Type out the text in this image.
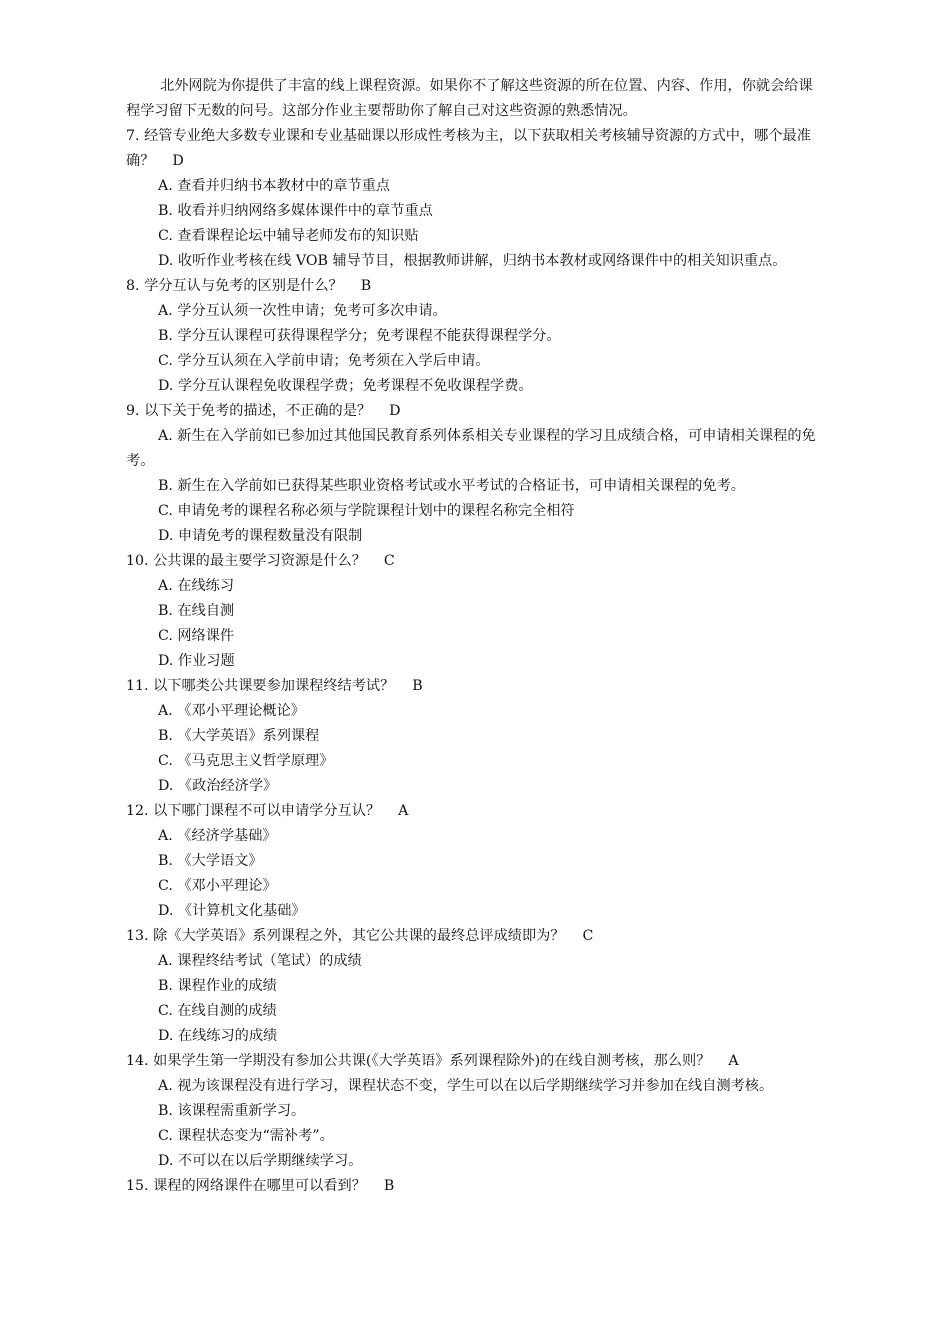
北外网院为你提供了丰富的线上课程资源。如果你不了解这些资源的所在位置、内容、作用，你就会给课程学习留下无数的问号。这部分作业主要帮助你了解自己对这些资源的熟悉情况。

7. 经管专业绝大多数专业课和专业基础课以形成性考核为主，以下获取相关考核辅导资源的方式中，哪个最准确？ D

A. 查看并归纳书本教材中的章节重点

B. 收看并归纳网络多媒体课件中的章节重点

C. 查看课程论坛中辅导老师发布的知识贴

D. 收听作业考核在线 VOB 辅导节目，根据教师讲解，归纳书本教材或网络课件中的相关知识重点。

8. 学分互认与免考的区别是什么？ B

A. 学分互认须一次性申请；免考可多次申请。

B. 学分互认课程可获得课程学分；免考课程不能获得课程学分。

C. 学分互认须在入学前申请；免考须在入学后申请。

D. 学分互认课程免收课程学费；免考课程不免收课程学费。

9. 以下关于免考的描述，不正确的是？ D

A. 新生在入学前如已参加过其他国民教育系列体系相关专业课程的学习且成绩合格，可申请相关课程的免考。

B. 新生在入学前如已获得某些职业资格考试或水平考试的合格证书，可申请相关课程的免考。

C. 申请免考的课程名称必须与学院课程计划中的课程名称完全相符

D. 申请免考的课程数量没有限制

10. 公共课的最主要学习资源是什么？ C

A. 在线练习

B. 在线自测

C. 网络课件

D. 作业习题

11. 以下哪类公共课要参加课程终结考试？ B

A. 《邓小平理论概论》

B. 《大学英语》系列课程

C. 《马克思主义哲学原理》

D. 《政治经济学》

12. 以下哪门课程不可以申请学分互认？ A

A. 《经济学基础》

B. 《大学语文》

C. 《邓小平理论》

D. 《计算机文化基础》

13. 除《大学英语》系列课程之外，其它公共课的最终总评成绩即为？ C

A. 课程终结考试（笔试）的成绩

B. 课程作业的成绩

C. 在线自测的成绩

D. 在线练习的成绩

14. 如果学生第一学期没有参加公共课(《大学英语》系列课程除外)的在线自测考核，那么则？ A

A. 视为该课程没有进行学习，课程状态不变，学生可以在以后学期继续学习并参加在线自测考核。

B. 该课程需重新学习。

C. 课程状态变为“需补考”。

D. 不可以在以后学期继续学习。

15. 课程的网络课件在哪里可以看到？ B
